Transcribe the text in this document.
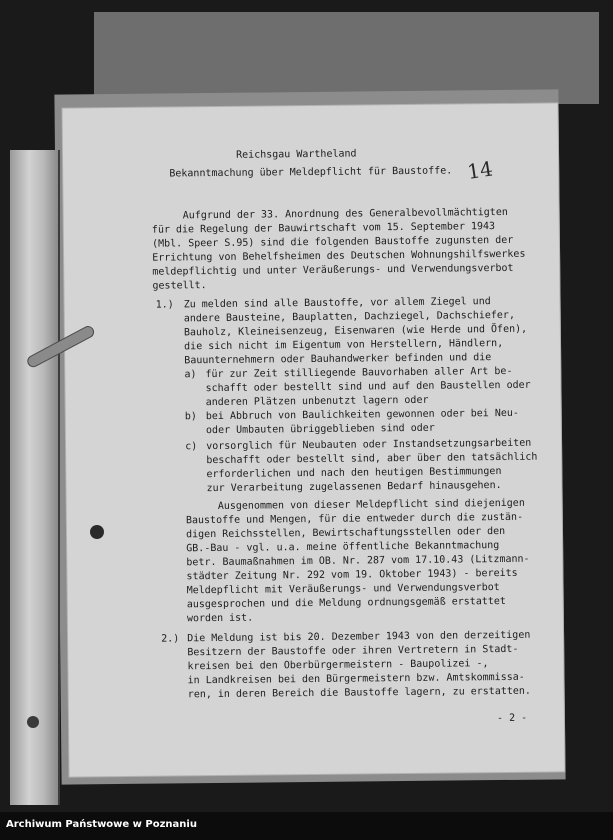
Reichsgau Wartheland
Bekanntmachung über Meldepflicht für Baustoffe. 14
Aufgrund der 33. Anordnung des Generalbevollmächtigten
für die Regelung der Bauwirtschaft vom 15. September 1943
(Mbl. Speer S.95) sind die folgenden Baustoffe zugunsten der
Errichtung von Behelfsheimen des Deutschen Wohnungshilfswerkes
meldepflichtig und unter Veräußerungs- und Verwendungsverbot
gestellt.
1.) Zu melden sind alle Baustoffe, vor allem Ziegel und
andere Bausteine, Bauplatten, Dachziegel, Dachschiefer,
Bauholz, Kleineisenzeug, Eisenwaren (wie Herde und Öfen),
die sich nicht im Eigentum von Herstellern, Händlern,
Bauunternehmern oder Bauhandwerker befinden und die
a) für zur Zeit stilliegende Bauvorhaben aller Art be-
schafft oder bestellt sind und auf den Baustellen oder
anderen Plätzen unbenutzt lagern oder
b) bei Abbruch von Baulichkeiten gewonnen oder bei Neu-
oder Umbauten übriggeblieben sind oder
c) vorsorglich für Neubauten oder Instandsetzungsarbeiten
beschafft oder bestellt sind, aber über den tatsächlich
erforderlichen und nach den heutigen Bestimmungen
zur Verarbeitung zugelassenen Bedarf hinausgehen.
Ausgenommen von dieser Meldepflicht sind diejenigen
Baustoffe und Mengen, für die entweder durch die zustän-
digen Reichsstellen, Bewirtschaftungsstellen oder den
GB.-Bau - vgl. u.a. meine öffentliche Bekanntmachung
betr. Baumaßnahmen im OB. Nr. 287 vom 17.10.43 (Litzmann-
städter Zeitung Nr. 292 vom 19. Oktober 1943) - bereits
Meldepflicht mit Veräußerungs- und Verwendungsverbot
ausgesprochen und die Meldung ordnungsgemäß erstattet
worden ist.
2.) Die Meldung ist bis 20. Dezember 1943 von den derzeitigen
Besitzern der Baustoffe oder ihren Vertretern in Stadt-
kreisen bei den Oberbürgermeistern - Baupolizei -,
in Landkreisen bei den Bürgermeistern bzw. Amtskommissa-
ren, in deren Bereich die Baustoffe lagern, zu erstatten.
- 2 -
Archiwum Państwowe w Poznaniu
